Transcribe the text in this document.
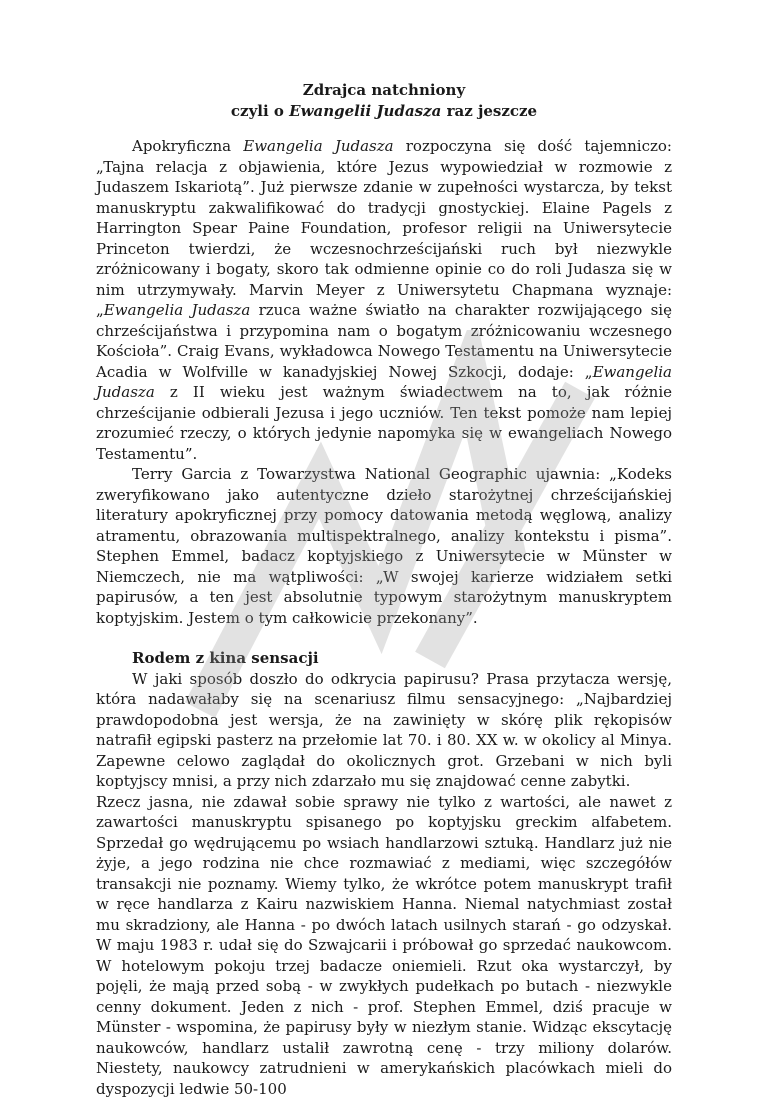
Zdrajca natchniony
czyli o Ewangelii Judasza raz jeszcze

Apokryficzna Ewangelia Judasza rozpoczyna się dość tajemniczo: „Tajna relacja z objawienia, które Jezus wypowiedział w rozmowie z Judaszem Iskariotą”. Już pierwsze zdanie w zupełności wystarcza, by tekst manuskryptu zakwalifikować do tradycji gnostyckiej. Elaine Pagels z Harrington Spear Paine Foundation, profesor religii na Uniwersytecie Princeton twierdzi, że wczesnochrześcijański ruch był niezwykle zróżnicowany i bogaty, skoro tak odmienne opinie co do roli Judasza się w nim utrzymywały. Marvin Meyer z Uniwersytetu Chapmana wyznaje: „Ewangelia Judasza rzuca ważne światło na charakter rozwijającego się chrześcijaństwa i przypomina nam o bogatym zróżnicowaniu wczesnego Kościoła”. Craig Evans, wykładowca Nowego Testamentu na Uniwersytecie Acadia w Wolfville w kanadyjskiej Nowej Szkocji, dodaje: „Ewangelia Judasza z II wieku jest ważnym świadectwem na to, jak różnie chrześcijanie odbierali Jezusa i jego uczniów. Ten tekst pomoże nam lepiej zrozumieć rzeczy, o których jedynie napomyka się w ewangeliach Nowego Testamentu”.

Terry Garcia z Towarzystwa National Geographic ujawnia: „Kodeks zweryfikowano jako autentyczne dzieło starożytnej chrześcijańskiej literatury apokryficznej przy pomocy datowania metodą węglową, analizy atramentu, obrazowania multispektralnego, analizy kontekstu i pisma”. Stephen Emmel, badacz koptyjskiego z Uniwersytecie w Münster w Niemczech, nie ma wątpliwości: „W swojej karierze widziałem setki papirusów, a ten jest absolutnie typowym starożytnym manuskryptem koptyjskim. Jestem o tym całkowicie przekonany”.

Rodem z kina sensacji

W jaki sposób doszło do odkrycia papirusu? Prasa przytacza wersję, która nadawałaby się na scenariusz filmu sensacyjnego: „Najbardziej prawdopodobna jest wersja, że na zawinięty w skórę plik rękopisów natrafił egipski pasterz na przełomie lat 70. i 80. XX w. w okolicy al Minya. Zapewne celowo zaglądał do okolicznych grot. Grzebani w nich byli koptyjscy mnisi, a przy nich zdarzało mu się znajdować cenne zabytki.

Rzecz jasna, nie zdawał sobie sprawy nie tylko z wartości, ale nawet z zawartości manuskryptu spisanego po koptyjsku greckim alfabetem. Sprzedał go wędrującemu po wsiach handlarzowi sztuką. Handlarz już nie żyje, a jego rodzina nie chce rozmawiać z mediami, więc szczegółów transakcji nie poznamy. Wiemy tylko, że wkrótce potem manuskrypt trafił w ręce handlarza z Kairu nazwiskiem Hanna. Niemal natychmiast został mu skradziony, ale Hanna - po dwóch latach usilnych starań - go odzyskał. W maju 1983 r. udał się do Szwajcarii i próbował go sprzedać naukowcom. W hotelowym pokoju trzej badacze oniemieli. Rzut oka wystarczył, by pojęli, że mają przed sobą - w zwykłych pudełkach po butach - niezwykle cenny dokument. Jeden z nich - prof. Stephen Emmel, dziś pracuje w Münster - wspomina, że papirusy były w niezłym stanie. Widząc ekscytację naukowców, handlarz ustalił zawrotną cenę - trzy miliony dolarów. Niestety, naukowcy zatrudnieni w amerykańskich placówkach mieli do dyspozycji ledwie 50-100
